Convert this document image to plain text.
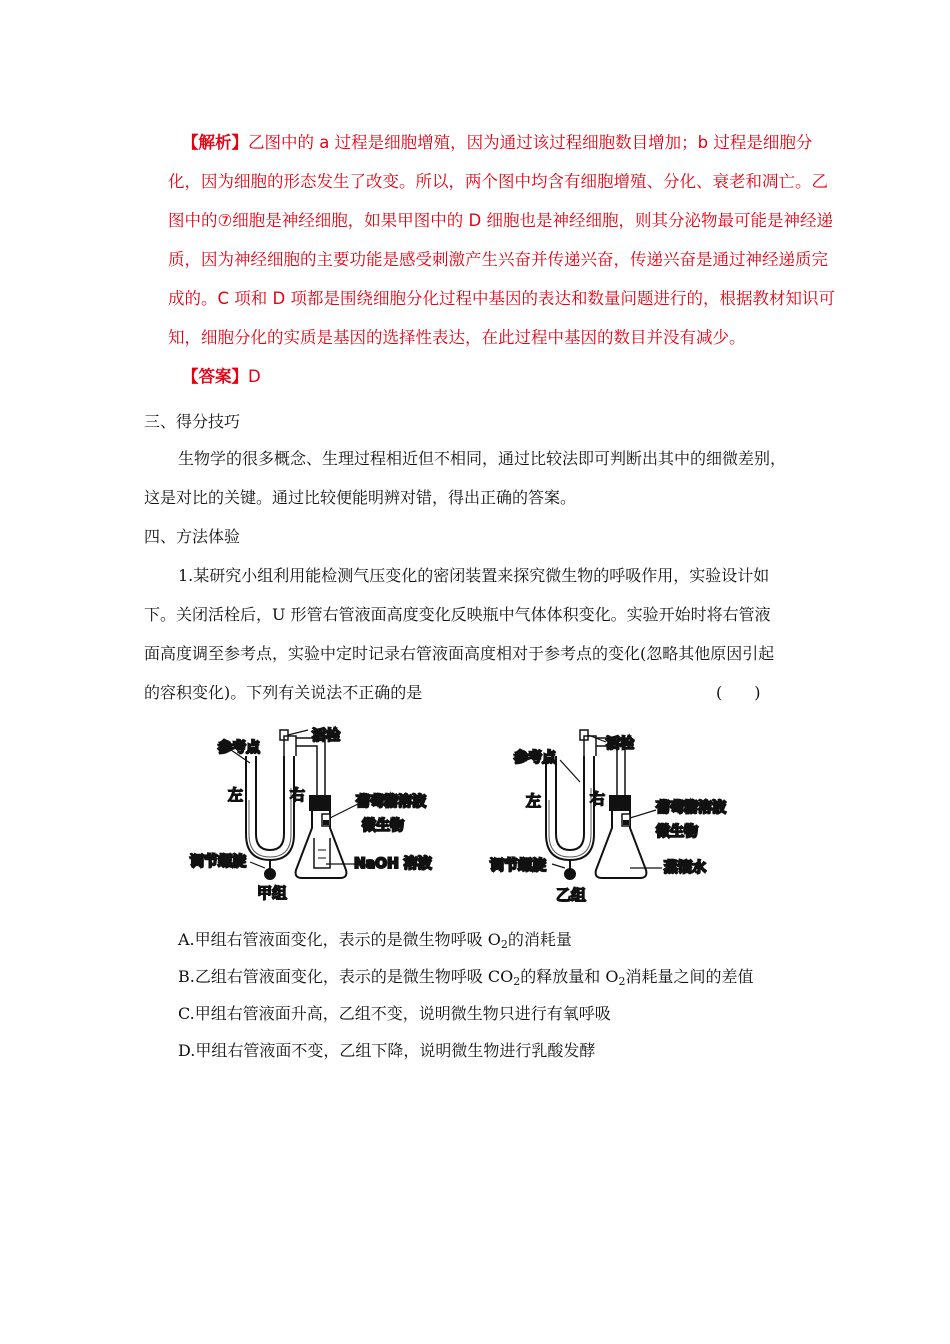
【解析】乙图中的 a 过程是细胞增殖，因为通过该过程细胞数目增加；b 过程是细胞分
化，因为细胞的形态发生了改变。所以，两个图中均含有细胞增殖、分化、衰老和凋亡。乙
图中的⑦细胞是神经细胞，如果甲图中的 D 细胞也是神经细胞，则其分泌物最可能是神经递
质，因为神经细胞的主要功能是感受刺激产生兴奋并传递兴奋，传递兴奋是通过神经递质完
成的。C 项和 D 项都是围绕细胞分化过程中基因的表达和数量问题进行的，根据教材知识可
知，细胞分化的实质是基因的选择性表达，在此过程中基因的数目并没有减少。
【答案】D
三、得分技巧
生物学的很多概念、生理过程相近但不相同，通过比较法即可判断出其中的细微差别，
这是对比的关键。通过比较便能明辨对错，得出正确的答案。
四、方法体验
1.某研究小组利用能检测气压变化的密闭装置来探究微生物的呼吸作用，实验设计如
下。关闭活栓后，U 形管右管液面高度变化反映瓶中气体体积变化。实验开始时将右管液
面高度调至参考点，实验中定时记录右管液面高度相对于参考点的变化(忽略其他原因引起
的容积变化)。下列有关说法不正确的是	(　　)
参考点
活栓
左	右	葡萄糖溶液
微生物
NaOH 溶液
调节螺旋
甲组
参考点
活栓
左	右	葡萄糖溶液
微生物
蒸馏水
调节螺旋
乙组
A.甲组右管液面变化，表示的是微生物呼吸 $O_2$的消耗量
B.乙组右管液面变化，表示的是微生物呼吸 $CO_2$的释放量和 $O_2$消耗量之间的差值
C.甲组右管液面升高，乙组不变，说明微生物只进行有氧呼吸
D.甲组右管液面不变，乙组下降，说明微生物进行乳酸发酵
